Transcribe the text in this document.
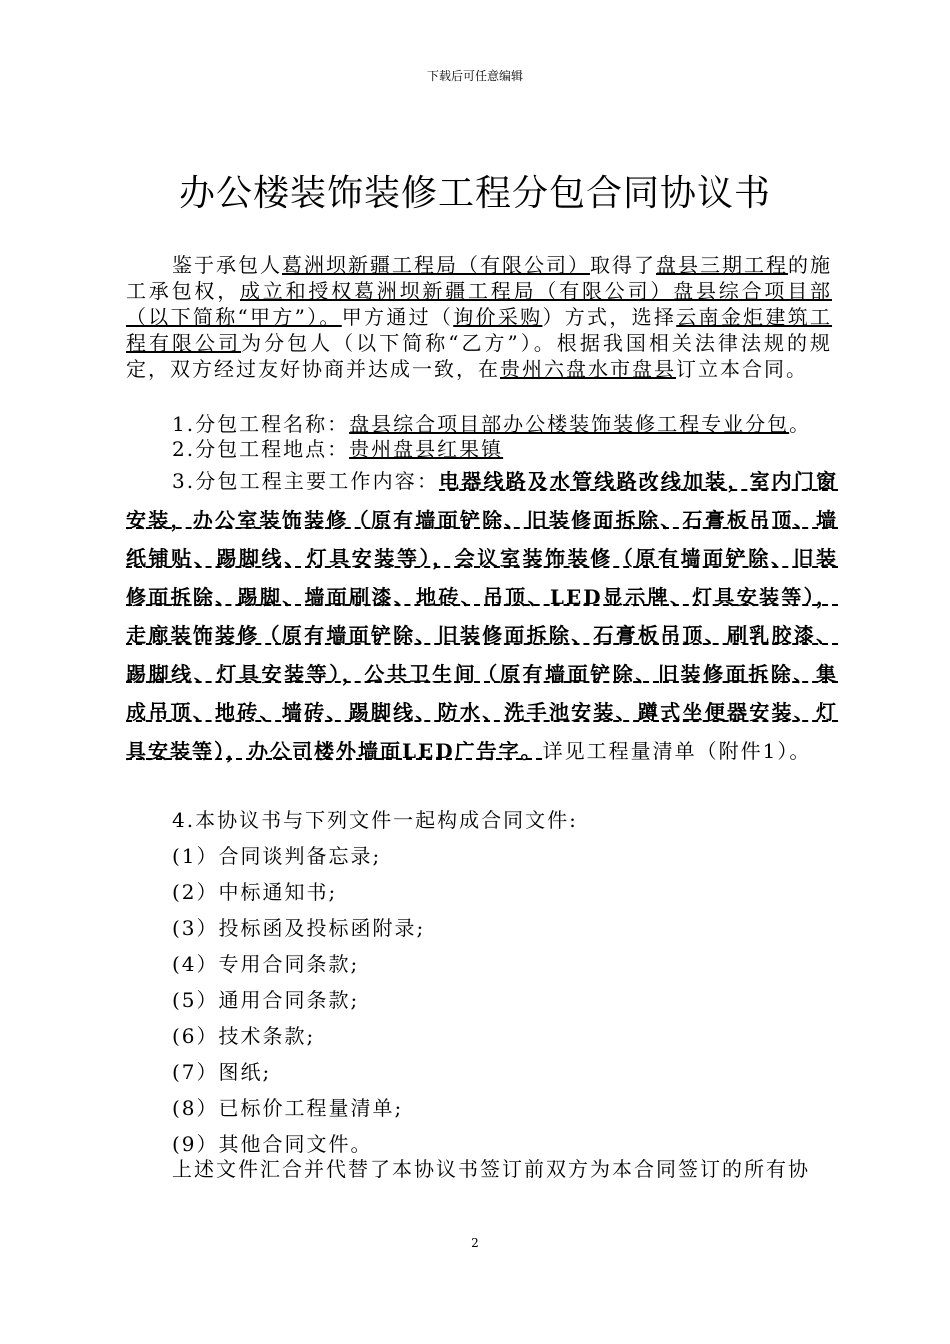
下载后可任意编辑
办公楼装饰装修工程分包合同协议书
鉴于承包人葛洲坝新疆工程局（有限公司）取得了盘县三期工程的施工承包权，成立和授权葛洲坝新疆工程局（有限公司）盘县综合项目部（以下简称“甲方”）。甲方通过（询价采购）方式，选择云南金炬建筑工程有限公司为分包人（以下简称“乙方”）。根据我国相关法律法规的规定，双方经过友好协商并达成一致，在贵州六盘水市盘县订立本合同。
1.分包工程名称：盘县综合项目部办公楼装饰装修工程专业分包。
2.分包工程地点：贵州盘县红果镇
3.分包工程主要工作内容：电器线路及水管线路改线加装，室内门窗安装，办公室装饰装修（原有墙面铲除、旧装修面拆除、石膏板吊顶、墙纸铺贴、踢脚线、灯具安装等），会议室装饰装修（原有墙面铲除、旧装修面拆除、踢脚、墙面刷漆、地砖、吊顶、LED显示牌、灯具安装等），走廊装饰装修（原有墙面铲除、旧装修面拆除、石膏板吊顶、刷乳胶漆、踢脚线、灯具安装等），公共卫生间（原有墙面铲除、旧装修面拆除、集成吊顶、地砖、墙砖、踢脚线、防水、洗手池安装、蹲式坐便器安装、灯具安装等），办公司楼外墙面LED广告字。详见工程量清单（附件1）。
4.本协议书与下列文件一起构成合同文件:
(1）合同谈判备忘录;
(2）中标通知书;
(3）投标函及投标函附录;
(4）专用合同条款;
(5）通用合同条款;
(6）技术条款;
(7）图纸;
(8）已标价工程量清单;
(9）其他合同文件。
上述文件汇合并代替了本协议书签订前双方为本合同签订的所有协
2
